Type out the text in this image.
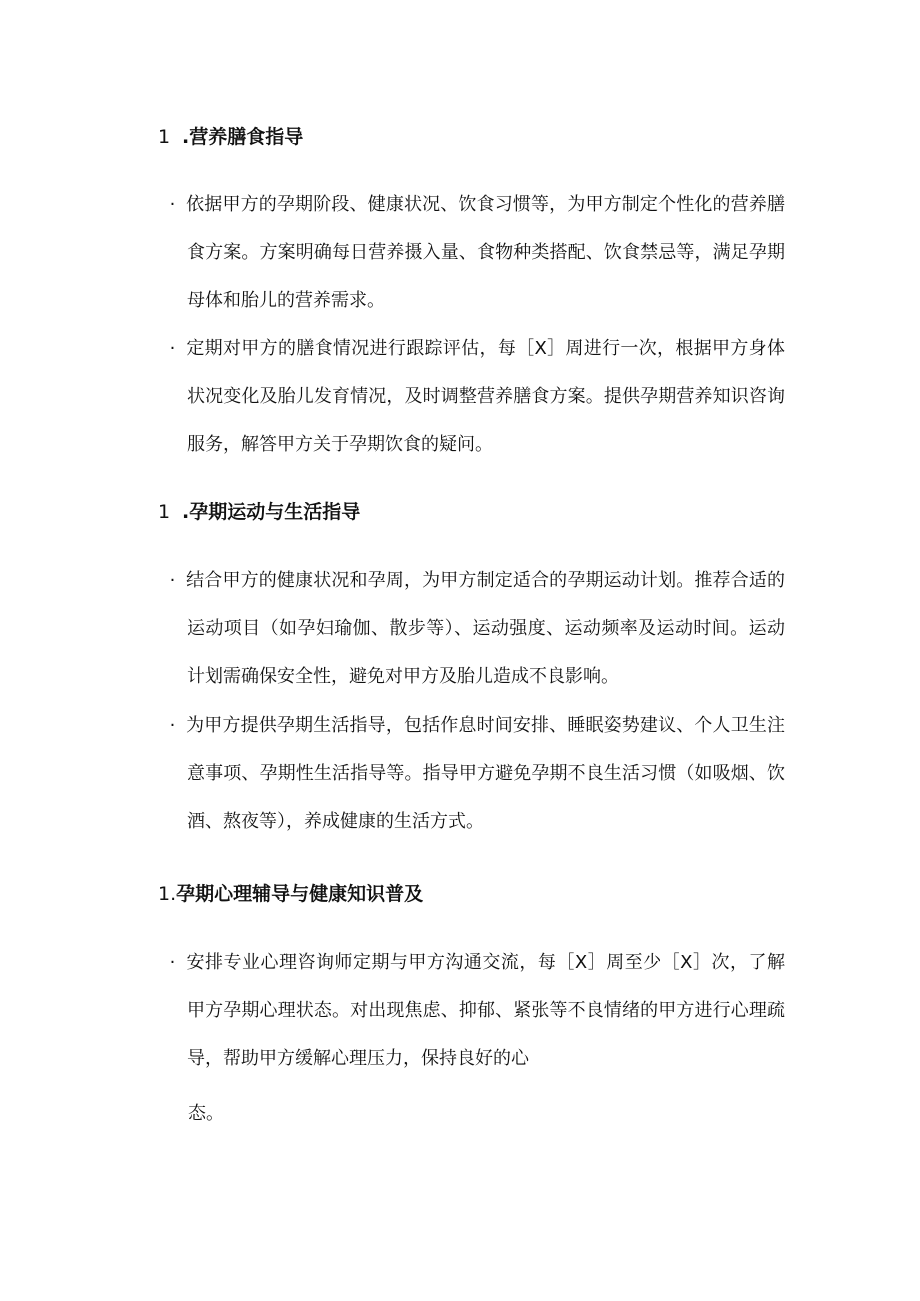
1 .营养膳食指导
· 依据甲方的孕期阶段、健康状况、饮食习惯等，为甲方制定个性化的营养膳食方案。方案明确每日营养摄入量、食物种类搭配、饮食禁忌等，满足孕期母体和胎儿的营养需求。
· 定期对甲方的膳食情况进行跟踪评估，每［X］周进行一次，根据甲方身体状况变化及胎儿发育情况，及时调整营养膳食方案。提供孕期营养知识咨询服务，解答甲方关于孕期饮食的疑问。
1 .孕期运动与生活指导
· 结合甲方的健康状况和孕周，为甲方制定适合的孕期运动计划。推荐合适的运动项目（如孕妇瑜伽、散步等）、运动强度、运动频率及运动时间。运动计划需确保安全性，避免对甲方及胎儿造成不良影响。
· 为甲方提供孕期生活指导，包括作息时间安排、睡眠姿势建议、个人卫生注意事项、孕期性生活指导等。指导甲方避免孕期不良生活习惯（如吸烟、饮酒、熬夜等），养成健康的生活方式。
1.孕期心理辅导与健康知识普及
· 安排专业心理咨询师定期与甲方沟通交流，每［X］周至少［X］次，了解甲方孕期心理状态。对出现焦虑、抑郁、紧张等不良情绪的甲方进行心理疏导，帮助甲方缓解心理压力，保持良好的心
态。
